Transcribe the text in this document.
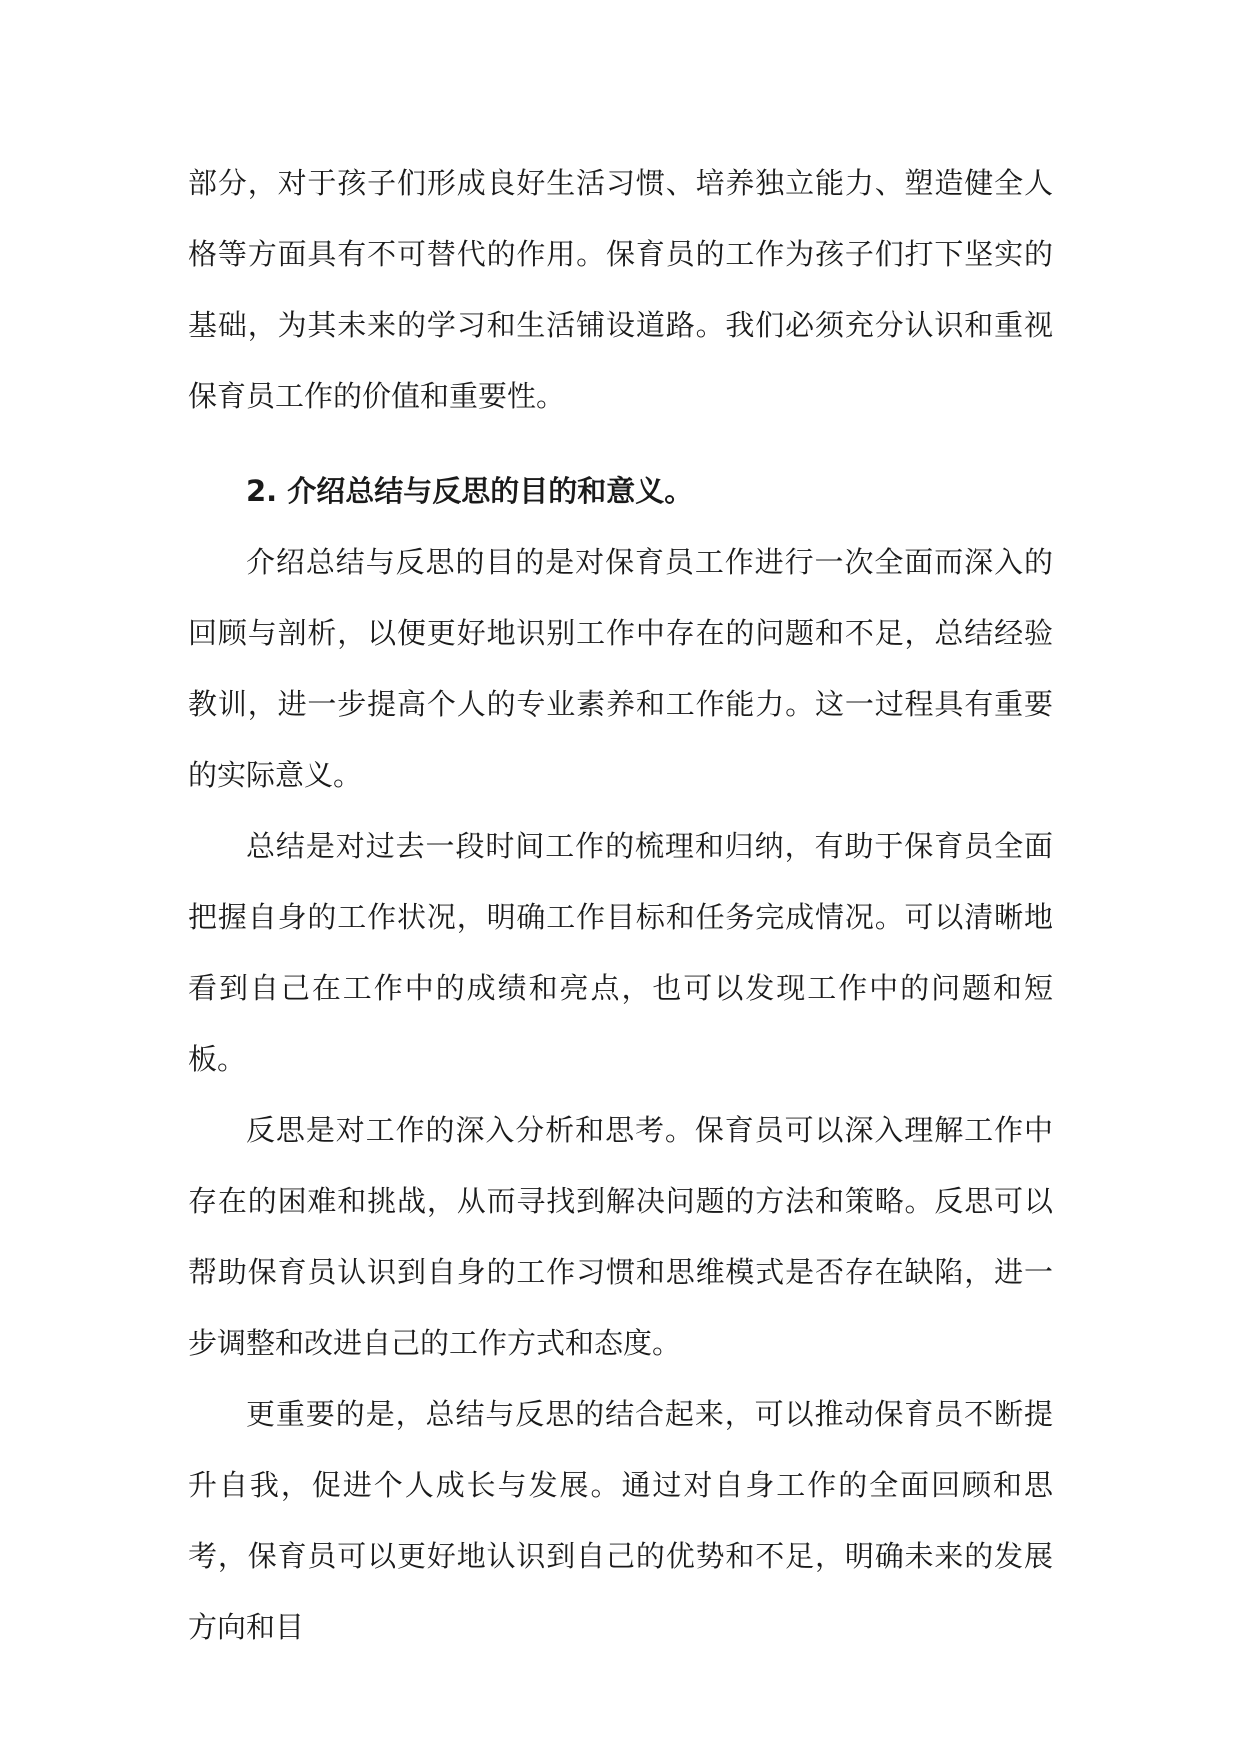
部分，对于孩子们形成良好生活习惯、培养独立能力、塑造健全人格等方面具有不可替代的作用。保育员的工作为孩子们打下坚实的基础，为其未来的学习和生活铺设道路。我们必须充分认识和重视保育员工作的价值和重要性。

2. 介绍总结与反思的目的和意义。

介绍总结与反思的目的是对保育员工作进行一次全面而深入的回顾与剖析，以便更好地识别工作中存在的问题和不足，总结经验教训，进一步提高个人的专业素养和工作能力。这一过程具有重要的实际意义。

总结是对过去一段时间工作的梳理和归纳，有助于保育员全面把握自身的工作状况，明确工作目标和任务完成情况。可以清晰地看到自己在工作中的成绩和亮点，也可以发现工作中的问题和短板。

反思是对工作的深入分析和思考。保育员可以深入理解工作中存在的困难和挑战，从而寻找到解决问题的方法和策略。反思可以帮助保育员认识到自身的工作习惯和思维模式是否存在缺陷，进一步调整和改进自己的工作方式和态度。

更重要的是，总结与反思的结合起来，可以推动保育员不断提升自我，促进个人成长与发展。通过对自身工作的全面回顾和思考，保育员可以更好地认识到自己的优势和不足，明确未来的发展方向和目
